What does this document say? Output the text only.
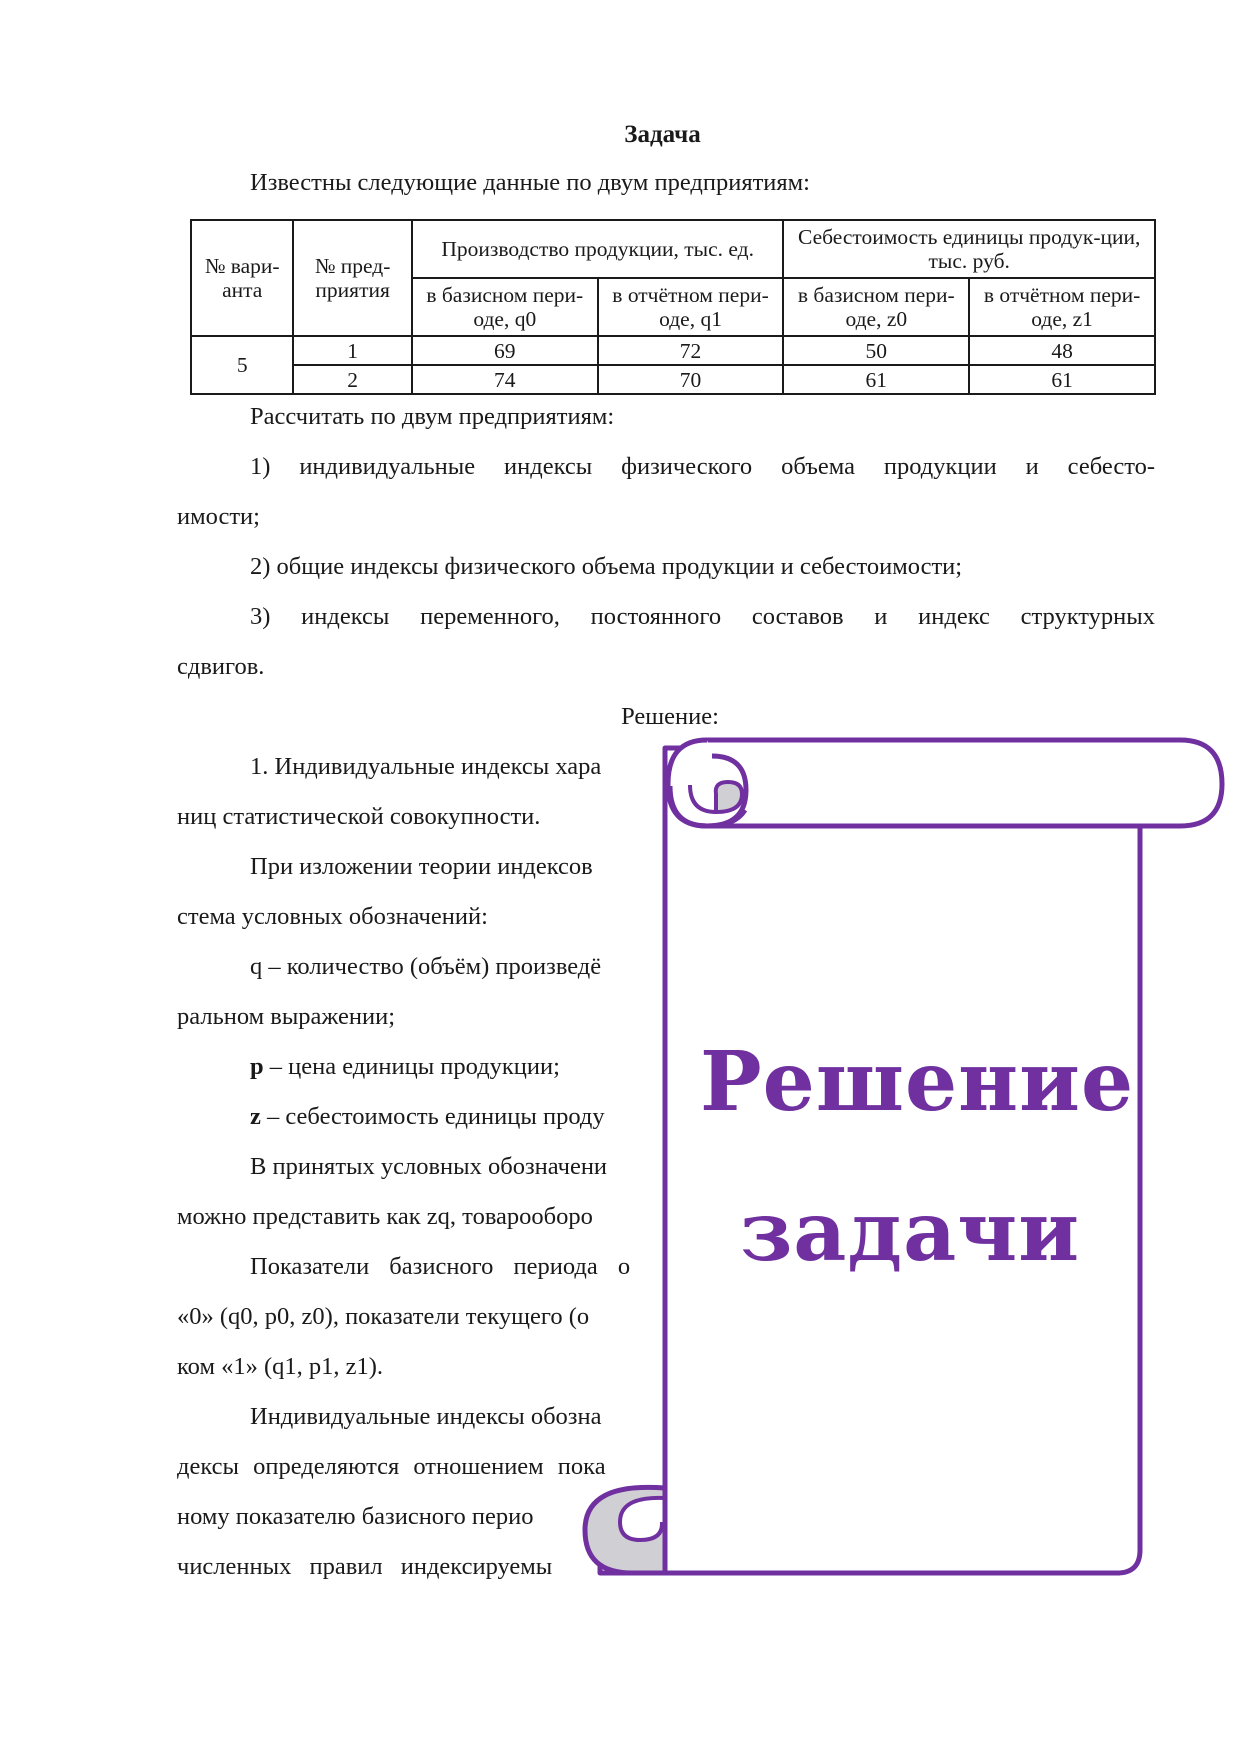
Задача

Известны следующие данные по двум предприятиям:

№ вари-анта	№ пред-приятия	Производство продукции, тыс. ед.		Себестоимость единицы продук-ции, тыс. руб.	
		в базисном пери-оде, q0	в отчётном пери-оде, q1	в базисном пери-оде, z0	в отчётном пери-оде, z1
5	1	69	72	50	48
	2	74	70	61	61

Рассчитать по двум предприятиям:

1) индивидуальные индексы физического объема продукции и себесто-

имости;

2) общие индексы физического объема продукции и себестоимости;

3) индексы переменного, постоянного составов и индекс структурных

сдвигов.

Решение:

1. Индивидуальные индексы хара

ниц статистической совокупности.

При изложении теории индексов

стема условных обозначений:

q – количество (объём) произведё

ральном выражении;

p – цена единицы продукции;

z – себестоимость единицы проду

В принятых условных обозначени

можно представить как zq, товарооборо

Показатели базисного периода о

«0» (q0, p0, z0), показатели текущего (о

ком «1» (q1, p1, z1).

Индивидуальные индексы обозна

дексы определяются отношением пока

ному показателю базисного перио

численных правил индексируемы

Решение
задачи
